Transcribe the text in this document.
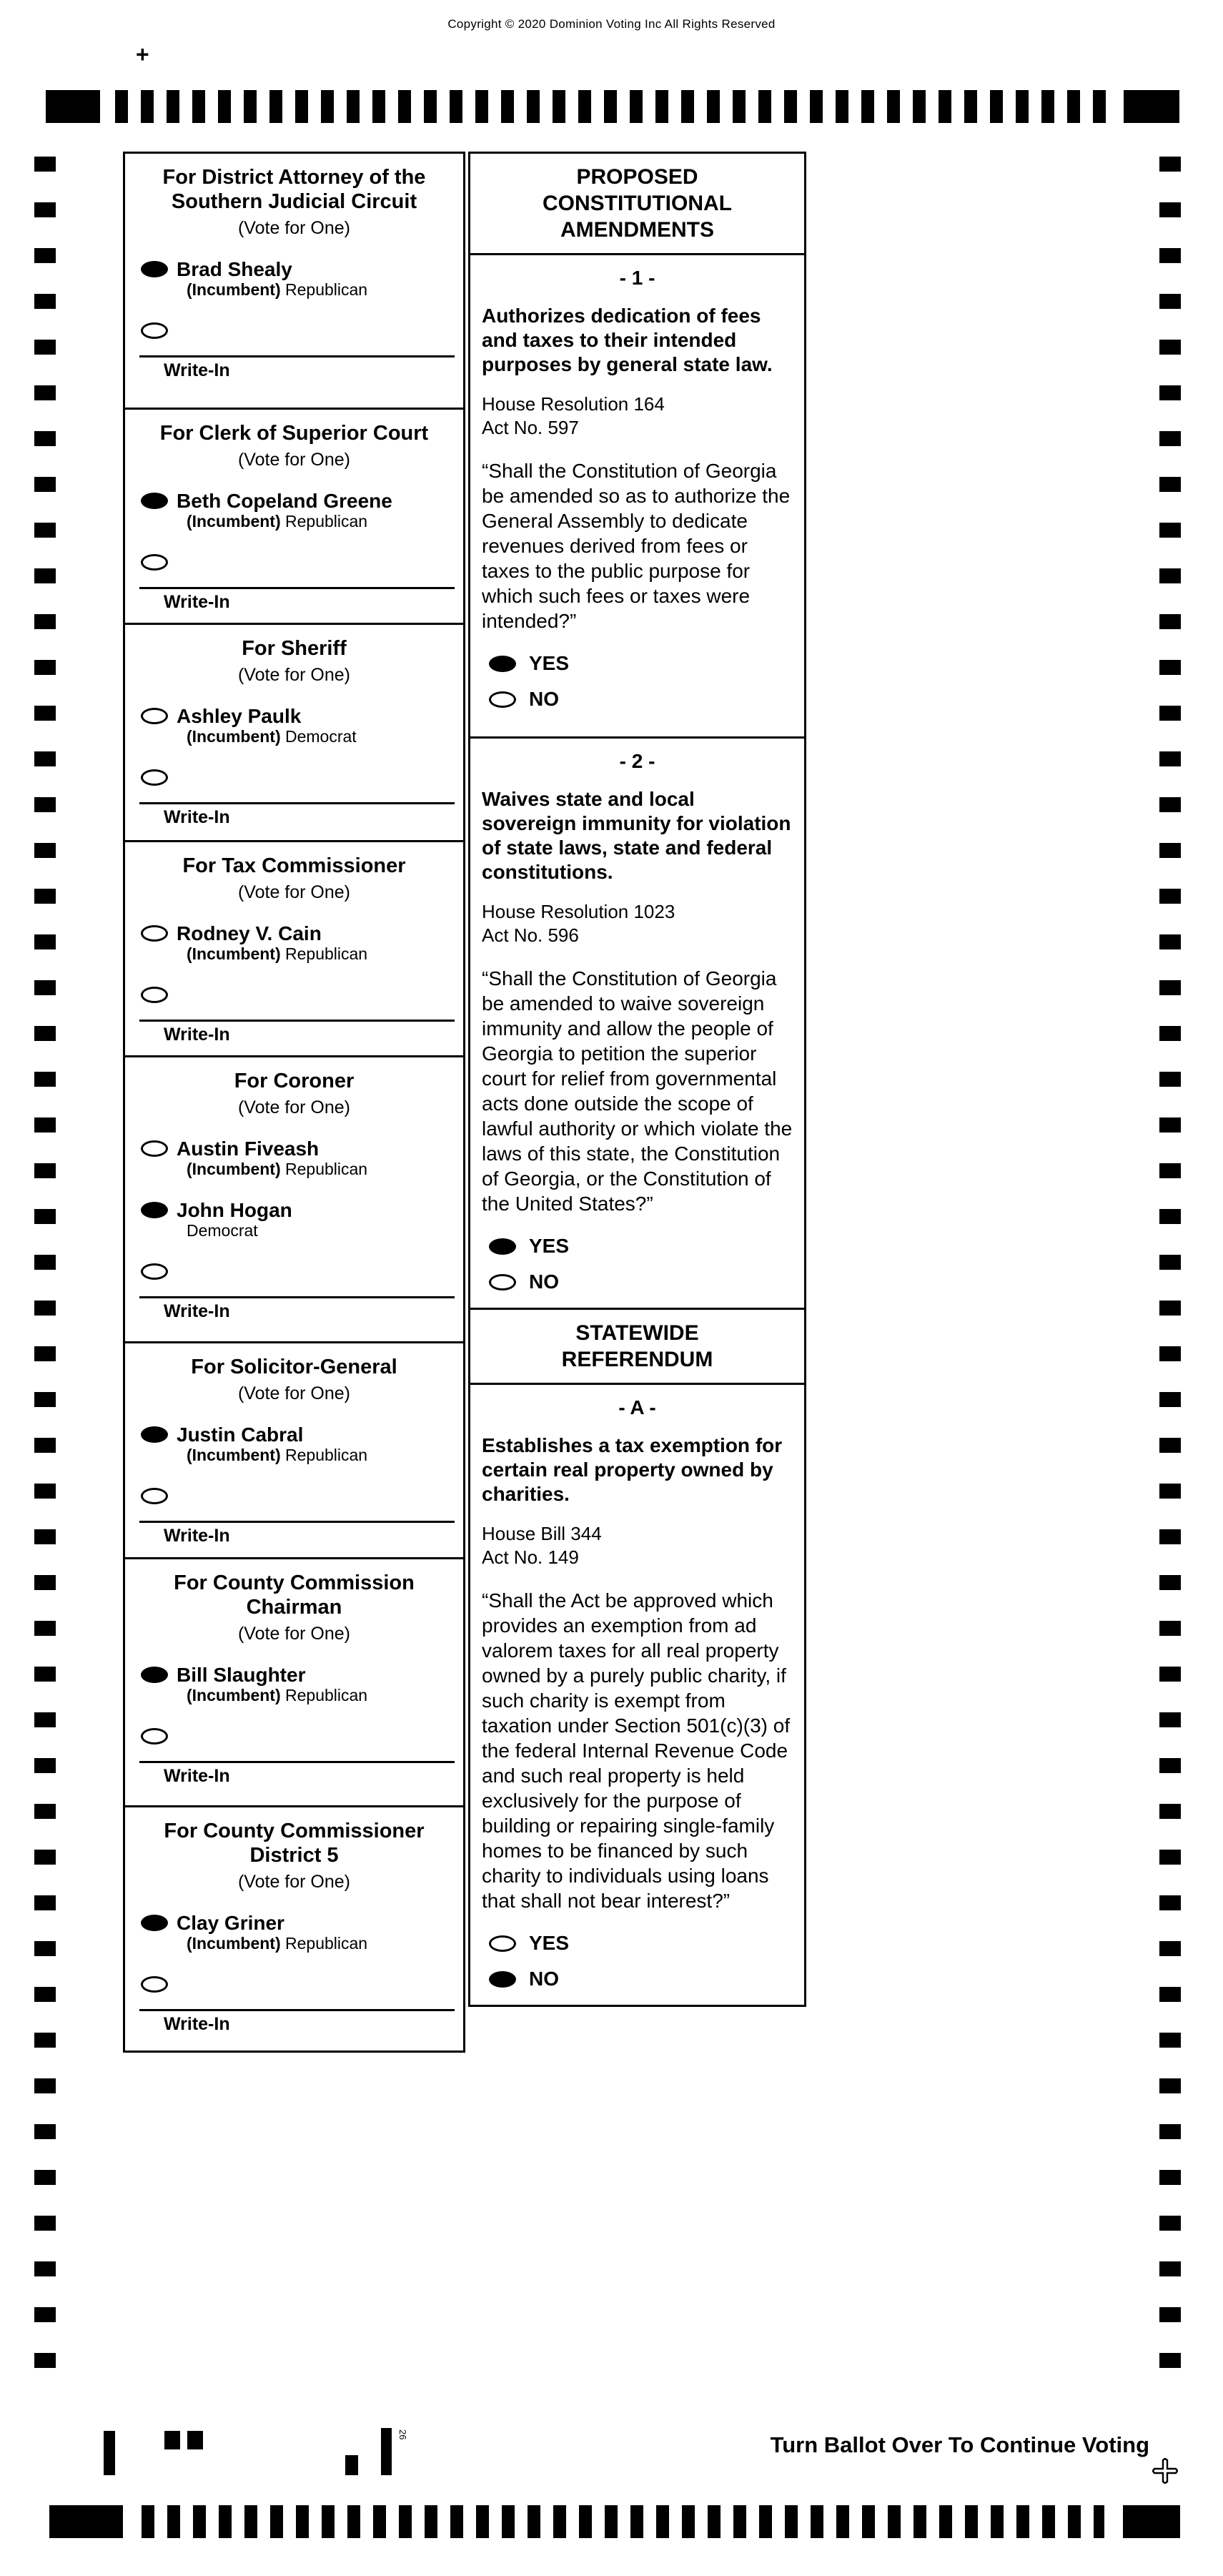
Copyright © 2020 Dominion Voting Inc All Rights Reserved
+
For District Attorney of the
Southern Judicial Circuit
(Vote for One)
Brad Shealy
(Incumbent) Republican
Write-In
For Clerk of Superior Court
(Vote for One)
Beth Copeland Greene
(Incumbent) Republican
Write-In
For Sheriff
(Vote for One)
Ashley Paulk
(Incumbent) Democrat
Write-In
For Tax Commissioner
(Vote for One)
Rodney V. Cain
(Incumbent) Republican
Write-In
For Coroner
(Vote for One)
Austin Fiveash
(Incumbent) Republican
John Hogan
Democrat
Write-In
For Solicitor-General
(Vote for One)
Justin Cabral
(Incumbent) Republican
Write-In
For County Commission
Chairman
(Vote for One)
Bill Slaughter
(Incumbent) Republican
Write-In
For County Commissioner
District 5
(Vote for One)
Clay Griner
(Incumbent) Republican
Write-In
PROPOSED
CONSTITUTIONAL
AMENDMENTS
- 1 -
Authorizes dedication of fees and taxes to their intended purposes by general state law.
House Resolution 164
Act No. 597
“Shall the Constitution of Georgia be amended so as to authorize the General Assembly to dedicate revenues derived from fees or taxes to the public purpose for which such fees or taxes were intended?”
YES
NO
- 2 -
Waives state and local sovereign immunity for violation of state laws, state and federal constitutions.
House Resolution 1023
Act No. 596
“Shall the Constitution of Georgia be amended to waive sovereign immunity and allow the people of Georgia to petition the superior court for relief from governmental acts done outside the scope of lawful authority or which violate the laws of this state, the Constitution of Georgia, or the Constitution of the United States?”
YES
NO
STATEWIDE
REFERENDUM
- A -
Establishes a tax exemption for certain real property owned by charities.
House Bill 344
Act No. 149
“Shall the Act be approved which provides an exemption from ad valorem taxes for all real property owned by a purely public charity, if such charity is exempt from taxation under Section 501(c)(3) of the federal Internal Revenue Code and such real property is held exclusively for the purpose of building or repairing single-family homes to be financed by such charity to individuals using loans that shall not bear interest?”
YES
NO
26	Turn Ballot Over To Continue Voting
